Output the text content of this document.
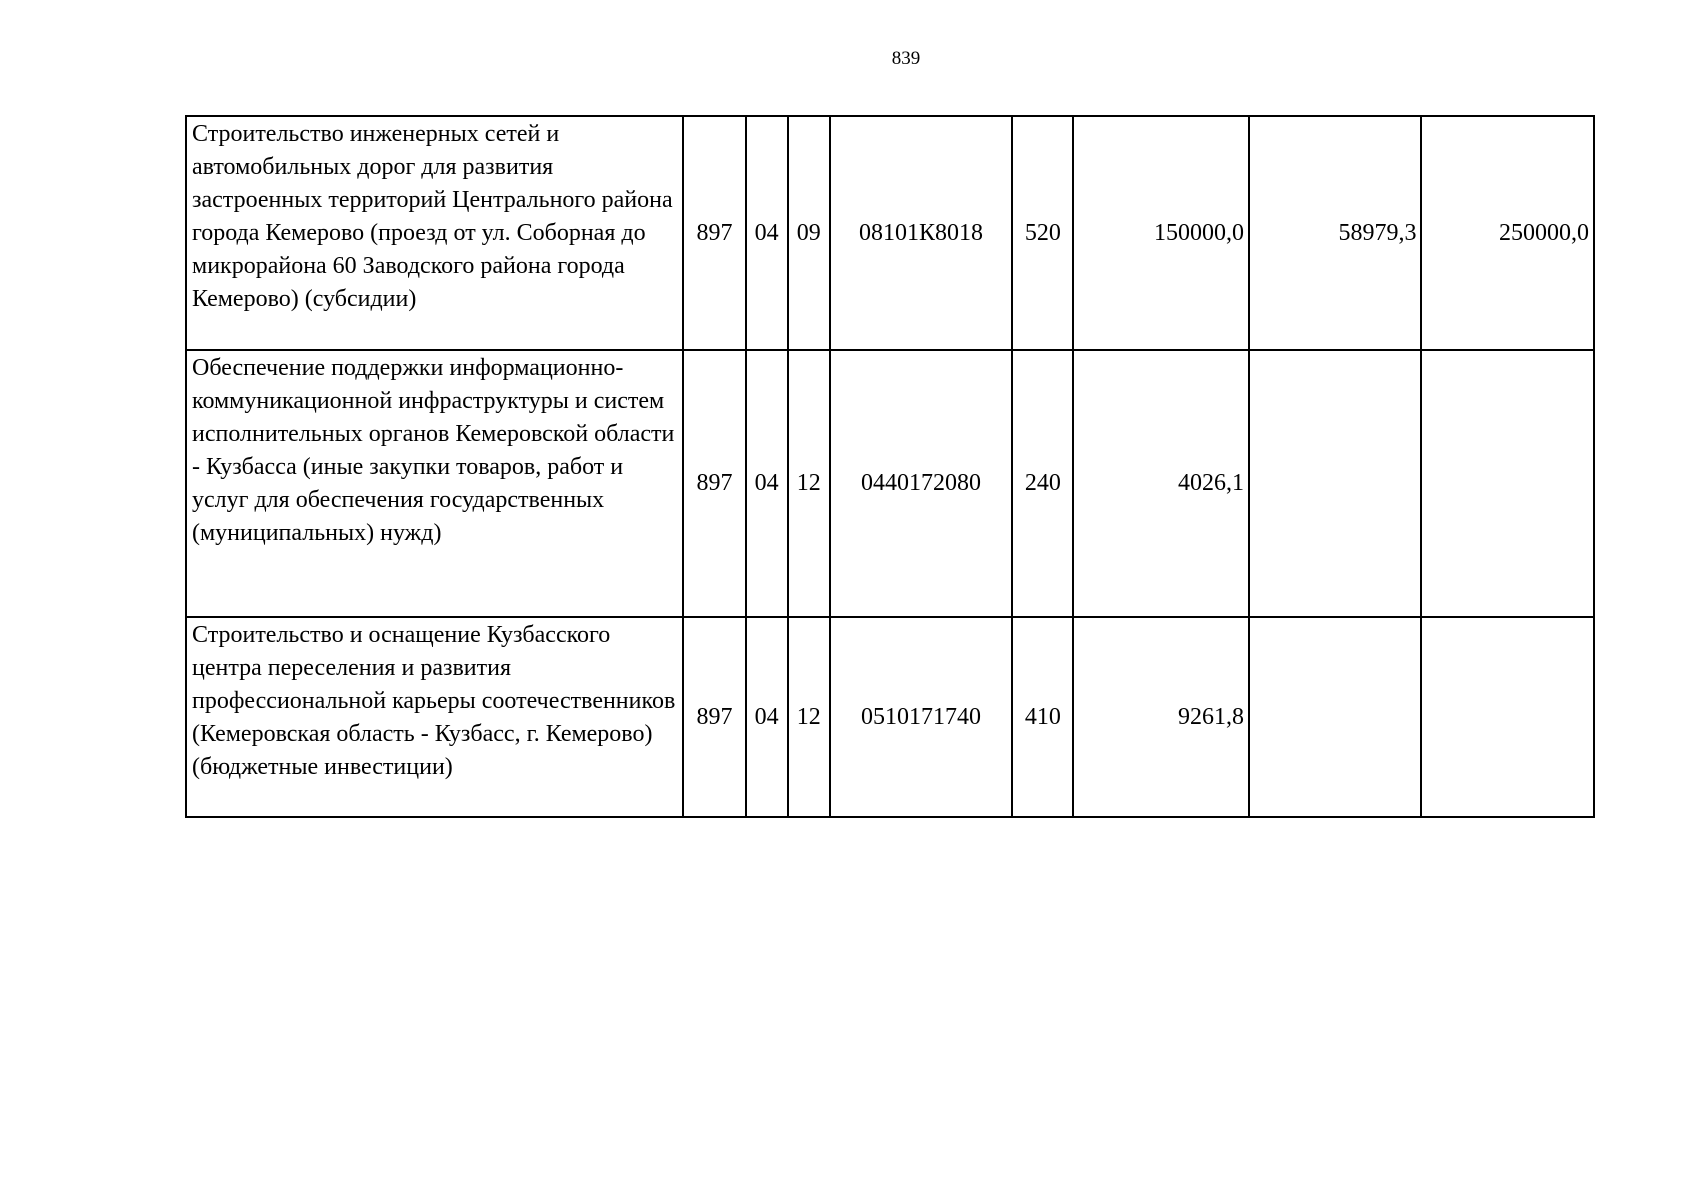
839
Строительство инженерных сетей и автомобильных дорог для развития застроенных территорий Центрального района города Кемерово (проезд от ул. Соборная до микрорайона 60 Заводского района города Кемерово) (субсидии)	897	04	09	08101К8018	520	150000,0	58979,3	250000,0
Обеспечение поддержки информационно-коммуникационной инфраструктуры и систем исполнительных органов Кемеровской области - Кузбасса (иные закупки товаров, работ и услуг для обеспечения государственных (муниципальных) нужд)	897	04	12	0440172080	240	4026,1		
Строительство и оснащение Кузбасского центра переселения и развития профессиональной карьеры соотечественников (Кемеровская область - Кузбасс, г. Кемерово) (бюджетные инвестиции)	897	04	12	0510171740	410	9261,8		
